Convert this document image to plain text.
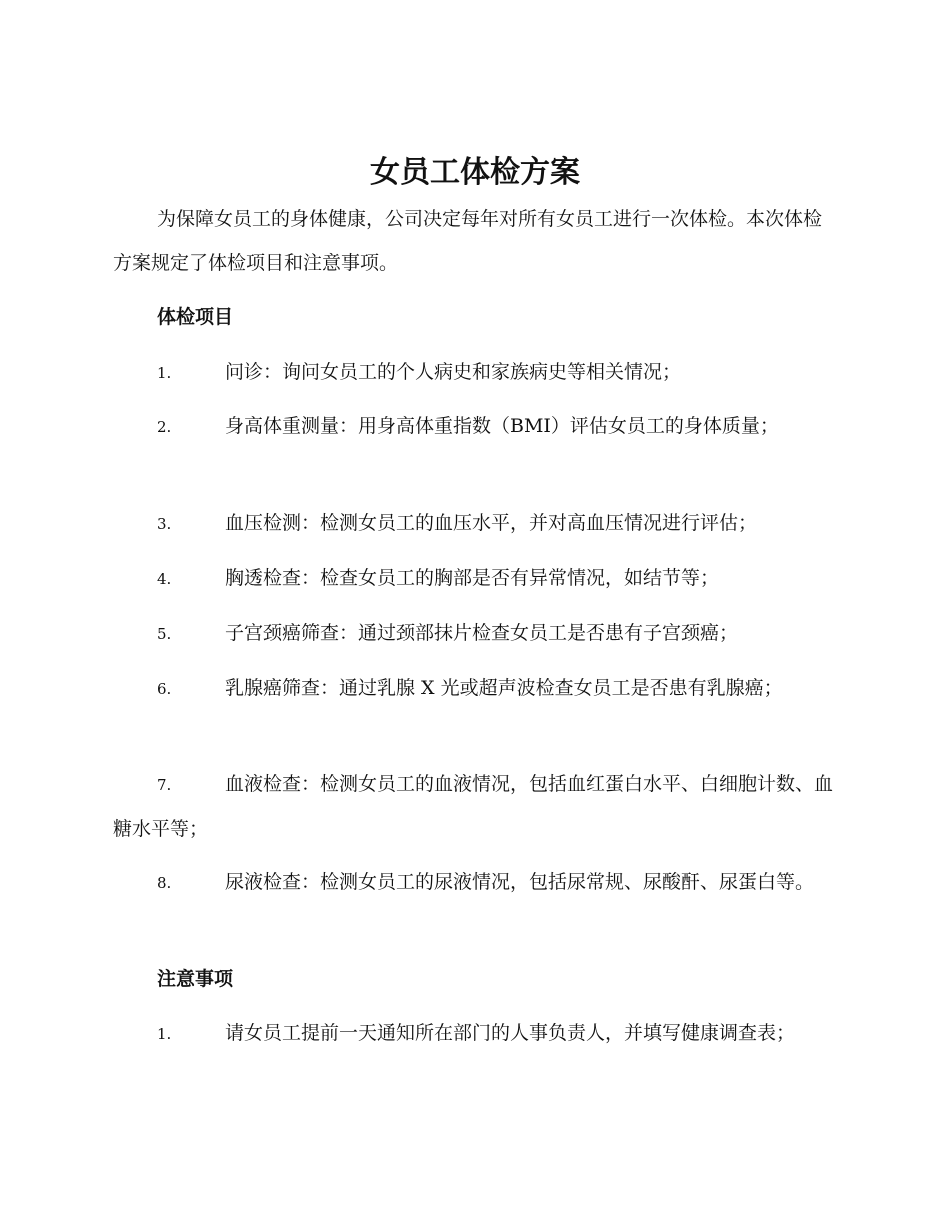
女员工体检方案

为保障女员工的身体健康，公司决定每年对所有女员工进行一次体检。本次体检方案规定了体检项目和注意事项。

体检项目

1.	问诊：询问女员工的个人病史和家族病史等相关情况；

2.	身高体重测量：用身高体重指数（BMI）评估女员工的身体质量；

3.	血压检测：检测女员工的血压水平，并对高血压情况进行评估；

4.	胸透检查：检查女员工的胸部是否有异常情况，如结节等；

5.	子宫颈癌筛查：通过颈部抹片检查女员工是否患有子宫颈癌；

6.	乳腺癌筛查：通过乳腺 X 光或超声波检查女员工是否患有乳腺癌；

7.	血液检查：检测女员工的血液情况，包括血红蛋白水平、白细胞计数、血糖水平等；

8.	尿液检查：检测女员工的尿液情况，包括尿常规、尿酸酐、尿蛋白等。

注意事项

1.	请女员工提前一天通知所在部门的人事负责人，并填写健康调查表；
